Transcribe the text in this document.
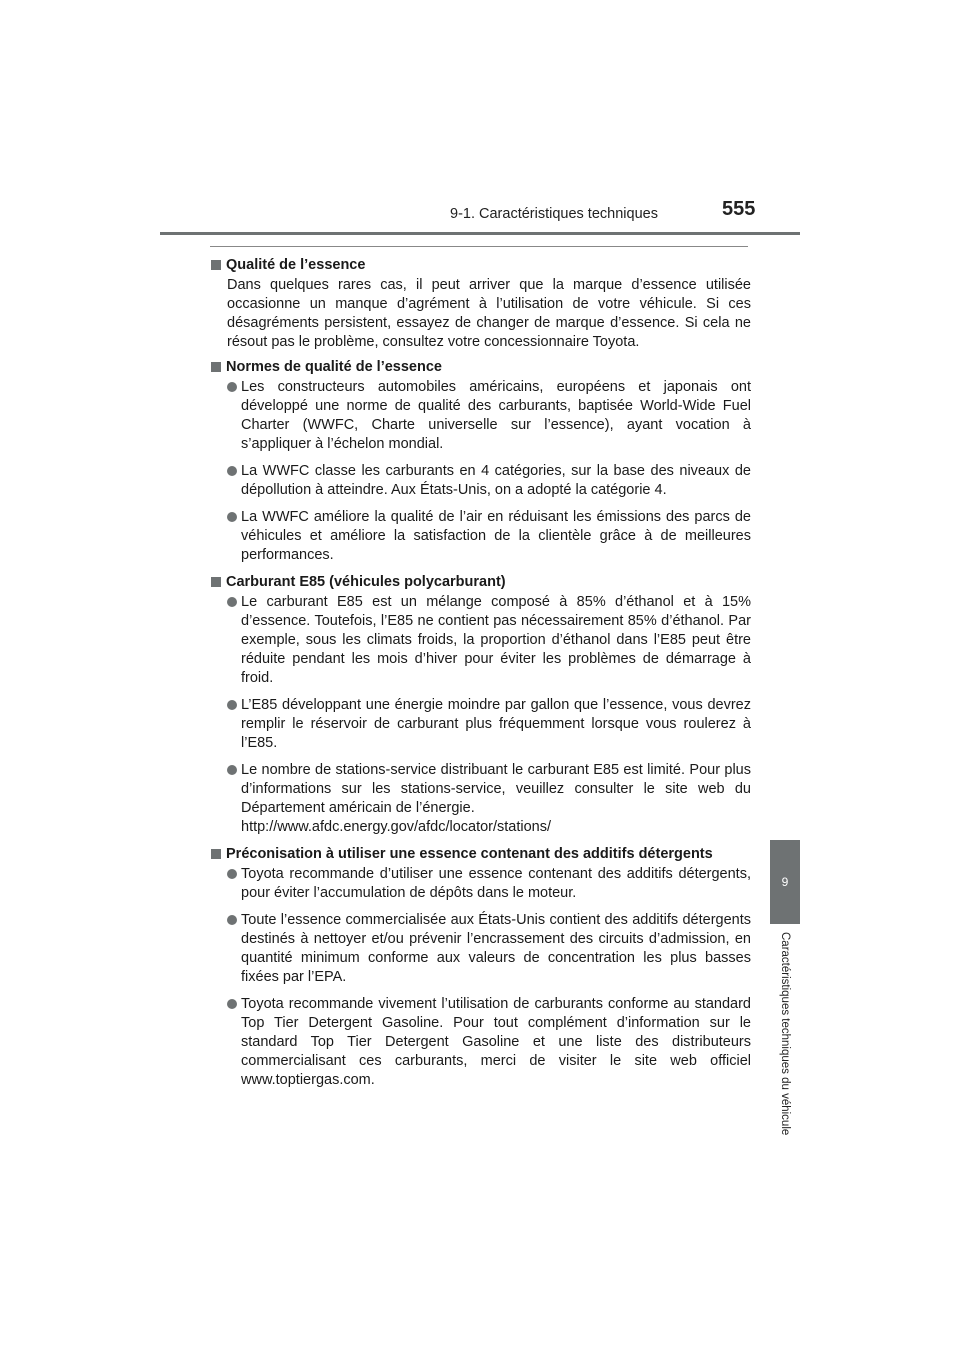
9-1. Caractéristiques techniques	555
9
Caractéristiques techniques du véhicule
Qualité de l’essence
Dans quelques rares cas, il peut arriver que la marque d’essence utilisée occasionne un manque d’agrément à l’utilisation de votre véhicule. Si ces désagréments persistent, essayez de changer de marque d’essence. Si cela ne résout pas le problème, consultez votre concessionnaire Toyota.
Normes de qualité de l’essence
Les constructeurs automobiles américains, européens et japonais ont développé une norme de qualité des carburants, baptisée World-Wide Fuel Charter (WWFC, Charte universelle sur l’essence), ayant vocation à s’appliquer à l’échelon mondial.
La WWFC classe les carburants en 4 catégories, sur la base des niveaux de dépollution à atteindre. Aux États-Unis, on a adopté la catégorie 4.
La WWFC améliore la qualité de l’air en réduisant les émissions des parcs de véhicules et améliore la satisfaction de la clientèle grâce à de meilleures performances.
Carburant E85 (véhicules polycarburant)
Le carburant E85 est un mélange composé à 85% d’éthanol et à 15% d’essence. Toutefois, l’E85 ne contient pas nécessairement 85% d’éthanol. Par exemple, sous les climats froids, la proportion d’éthanol dans l’E85 peut être réduite pendant les mois d’hiver pour éviter les problèmes de démarrage à froid.
L’E85 développant une énergie moindre par gallon que l’essence, vous devrez remplir le réservoir de carburant plus fréquemment lorsque vous roulerez à l’E85.
Le nombre de stations-service distribuant le carburant E85 est limité. Pour plus d’informations sur les stations-service, veuillez consulter le site web du Département américain de l’énergie.
http://www.afdc.energy.gov/afdc/locator/stations/
Préconisation à utiliser une essence contenant des additifs détergents
Toyota recommande d’utiliser une essence contenant des additifs détergents, pour éviter l’accumulation de dépôts dans le moteur.
Toute l’essence commercialisée aux États-Unis contient des additifs détergents destinés à nettoyer et/ou prévenir l’encrassement des circuits d’admission, en quantité minimum conforme aux valeurs de concentration les plus basses fixées par l’EPA.
Toyota recommande vivement l’utilisation de carburants conforme au standard Top Tier Detergent Gasoline. Pour tout complément d’information sur le standard Top Tier Detergent Gasoline et une liste des distributeurs commercialisant ces carburants, merci de visiter le site web officiel www.toptiergas.com.
